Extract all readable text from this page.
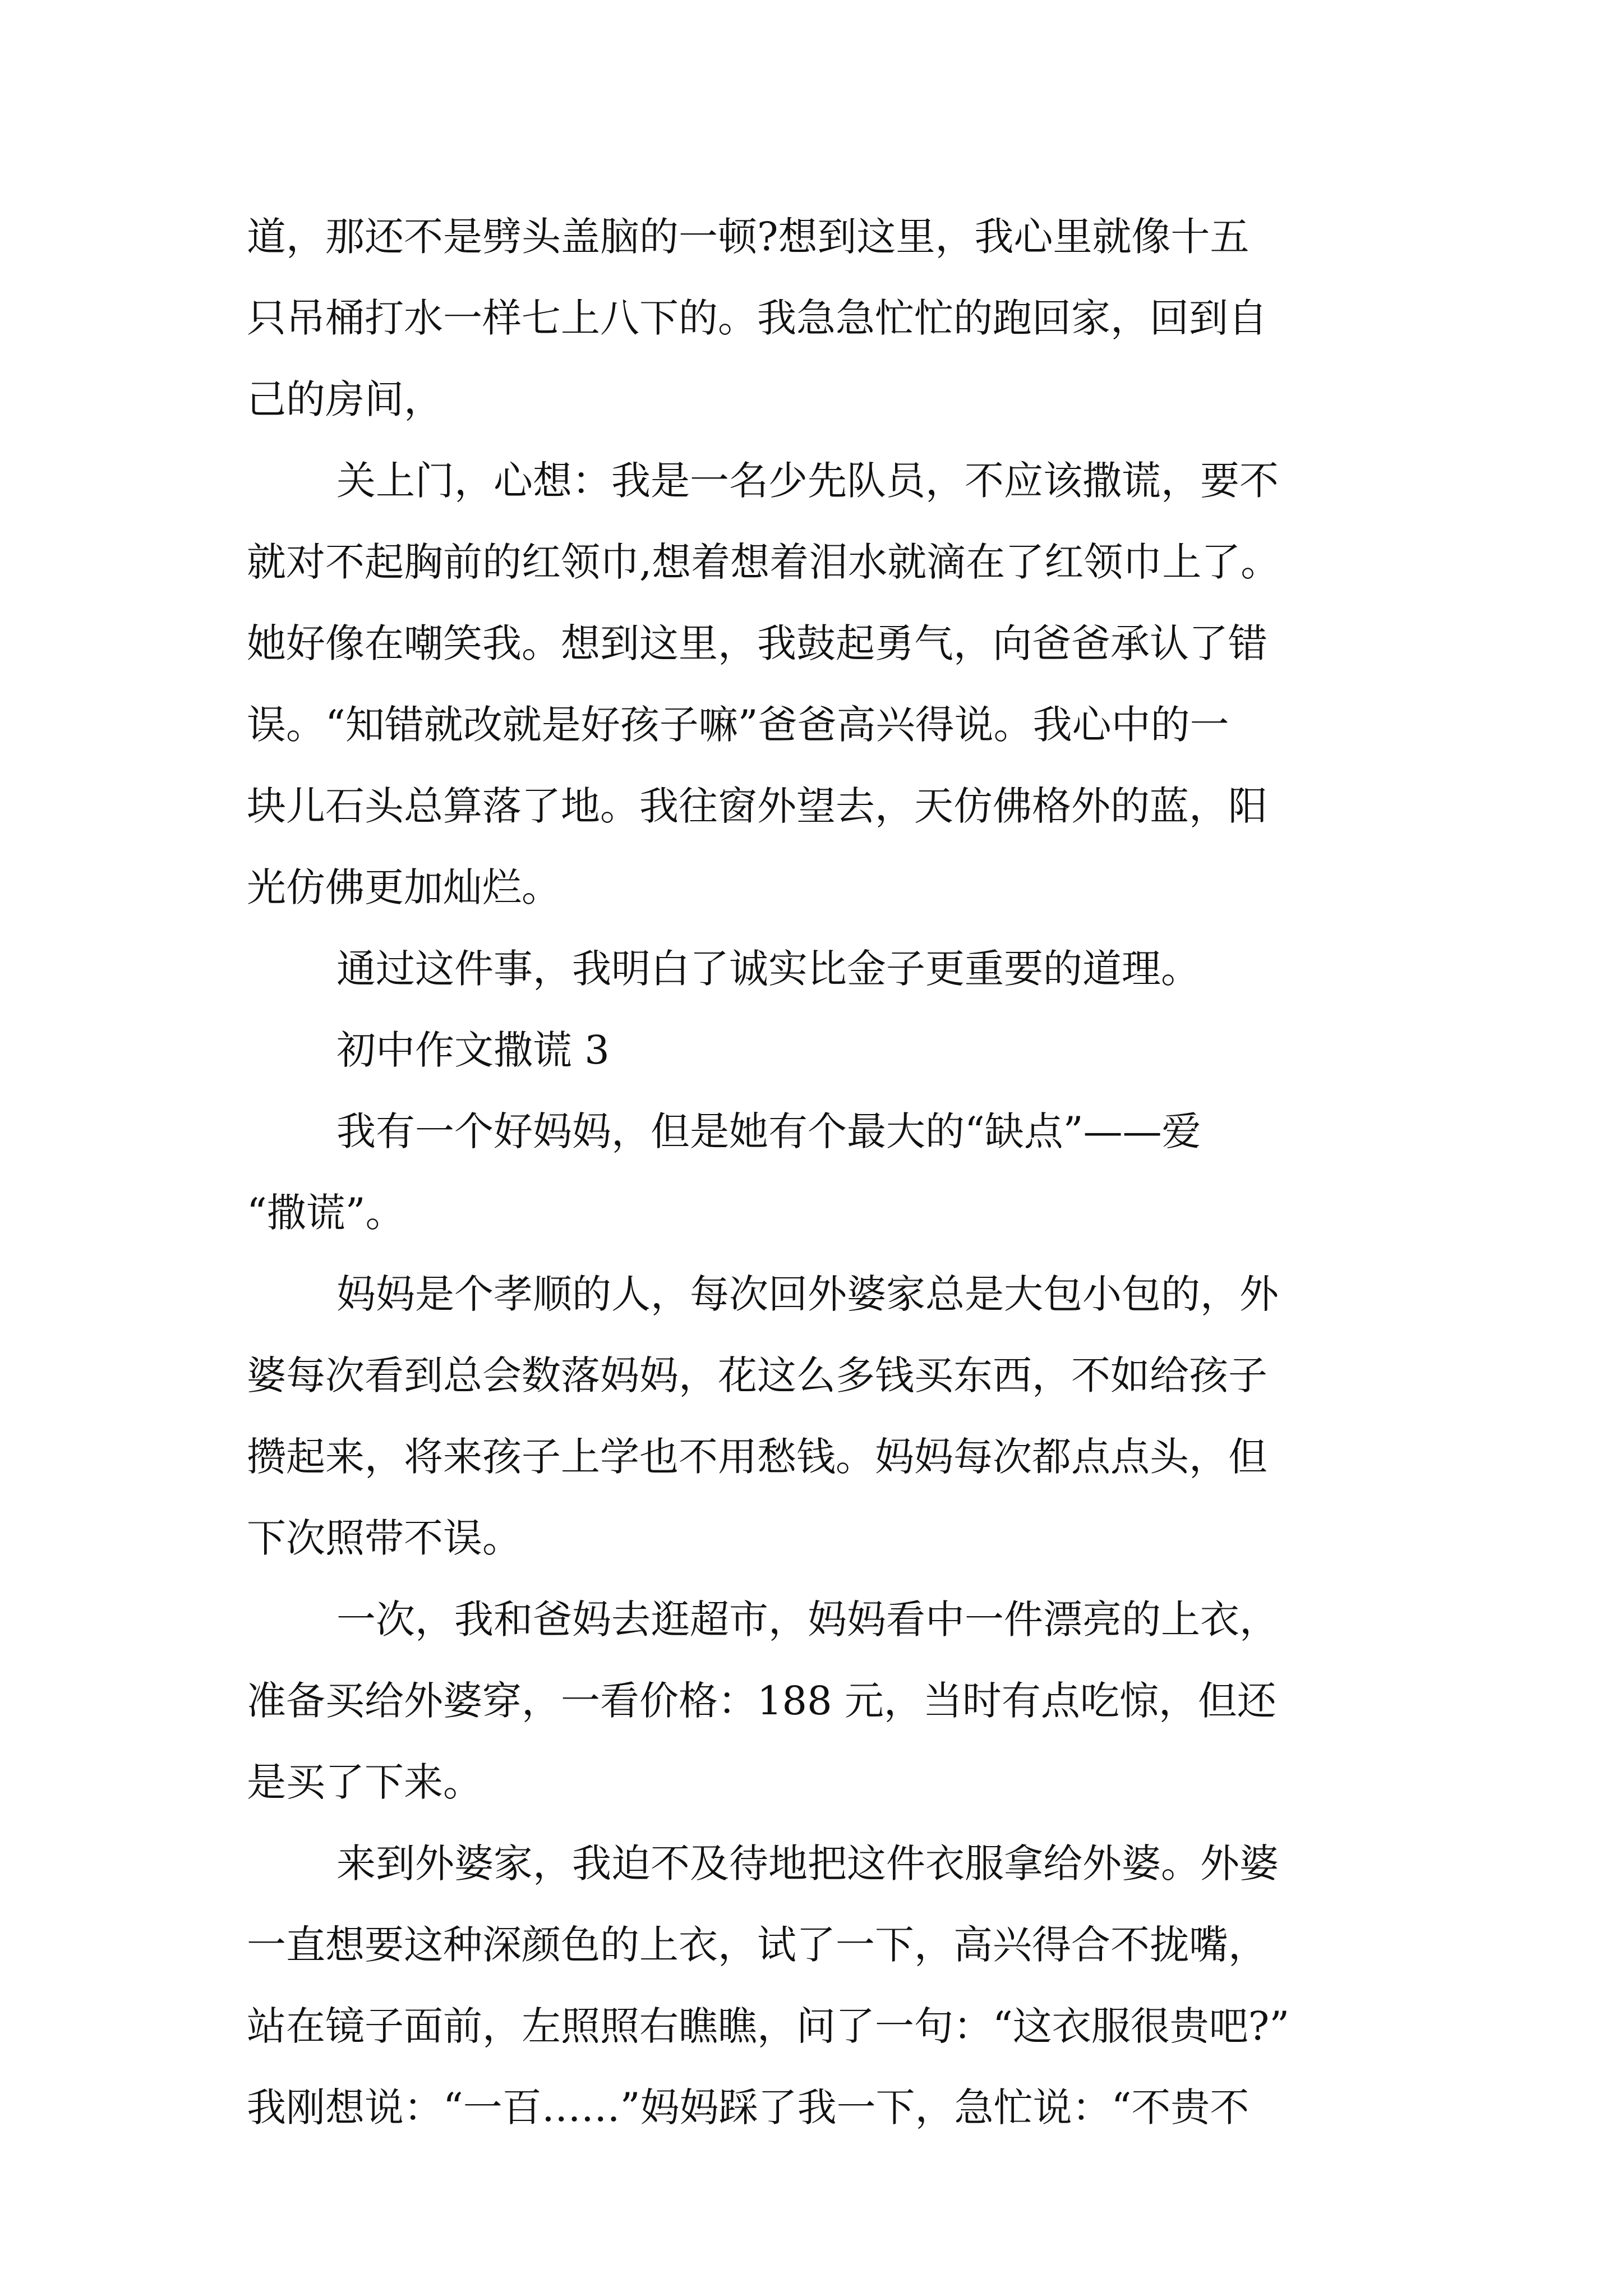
道，那还不是劈头盖脑的一顿?想到这里，我心里就像十五
只吊桶打水一样七上八下的。我急急忙忙的跑回家，回到自
己的房间，
关上门，心想：我是一名少先队员，不应该撒谎，要不
就对不起胸前的红领巾,想着想着泪水就滴在了红领巾上了。
她好像在嘲笑我。想到这里，我鼓起勇气，向爸爸承认了错
误。“知错就改就是好孩子嘛”爸爸高兴得说。我心中的一
块儿石头总算落了地。我往窗外望去，天仿佛格外的蓝，阳
光仿佛更加灿烂。
通过这件事，我明白了诚实比金子更重要的道理。
初中作文撒谎 3
我有一个好妈妈，但是她有个最大的“缺点”——爱
“撒谎”。
妈妈是个孝顺的人，每次回外婆家总是大包小包的，外
婆每次看到总会数落妈妈，花这么多钱买东西，不如给孩子
攒起来，将来孩子上学也不用愁钱。妈妈每次都点点头，但
下次照带不误。
一次，我和爸妈去逛超市，妈妈看中一件漂亮的上衣，
准备买给外婆穿，一看价格：188 元，当时有点吃惊，但还
是买了下来。
来到外婆家，我迫不及待地把这件衣服拿给外婆。外婆
一直想要这种深颜色的上衣，试了一下，高兴得合不拢嘴，
站在镜子面前，左照照右瞧瞧，问了一句：“这衣服很贵吧?”
我刚想说：“一百……”妈妈踩了我一下，急忙说：“不贵不
